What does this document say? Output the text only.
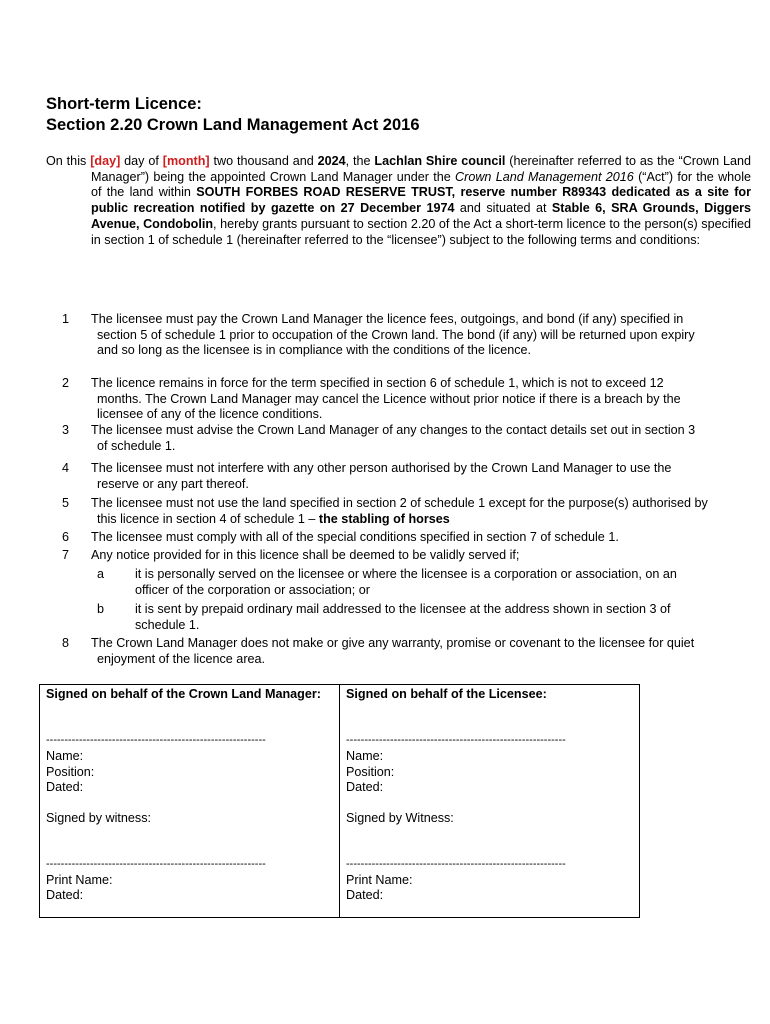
Short-term Licence:
Section 2.20 Crown Land Management Act 2016
On this [day] day of [month] two thousand and 2024, the Lachlan Shire council (hereinafter referred to as the “Crown Land Manager”) being the appointed Crown Land Manager under the Crown Land Management 2016 (“Act”) for the whole of the land within SOUTH FORBES ROAD RESERVE TRUST, reserve number R89343 dedicated as a site for public recreation notified by gazette on 27 December 1974 and situated at Stable 6, SRA Grounds, Diggers Avenue, Condobolin, hereby grants pursuant to section 2.20 of the Act a short-term licence to the person(s) specified in section 1 of schedule 1 (hereinafter referred to the “licensee”) subject to the following terms and conditions:
1 The licensee must pay the Crown Land Manager the licence fees, outgoings, and bond (if any) specified in section 5 of schedule 1 prior to occupation of the Crown land. The bond (if any) will be returned upon expiry and so long as the licensee is in compliance with the conditions of the licence.
2 The licence remains in force for the term specified in section 6 of schedule 1, which is not to exceed 12 months. The Crown Land Manager may cancel the Licence without prior notice if there is a breach by the licensee of any of the licence conditions.
3 The licensee must advise the Crown Land Manager of any changes to the contact details set out in section 3 of schedule 1.
4 The licensee must not interfere with any other person authorised by the Crown Land Manager to use the reserve or any part thereof.
5 The licensee must not use the land specified in section 2 of schedule 1 except for the purpose(s) authorised by this licence in section 4 of schedule 1 – the stabling of horses
6 The licensee must comply with all of the special conditions specified in section 7 of schedule 1.
7 Any notice provided for in this licence shall be deemed to be validly served if;
a it is personally served on the licensee or where the licensee is a corporation or association, on an officer of the corporation or association; or
b it is sent by prepaid ordinary mail addressed to the licensee at the address shown in section 3 of schedule 1.
8 The Crown Land Manager does not make or give any warranty, promise or covenant to the licensee for quiet enjoyment of the licence area.
Signed on behalf of the Crown Land Manager:
------------------------------------------------------------
Name:
Position:
Dated:
Signed by witness:
------------------------------------------------------------
Print Name:
Dated:

Signed on behalf of the Licensee:
------------------------------------------------------------
Name:
Position:
Dated:
Signed by Witness:
------------------------------------------------------------
Print Name:
Dated:
